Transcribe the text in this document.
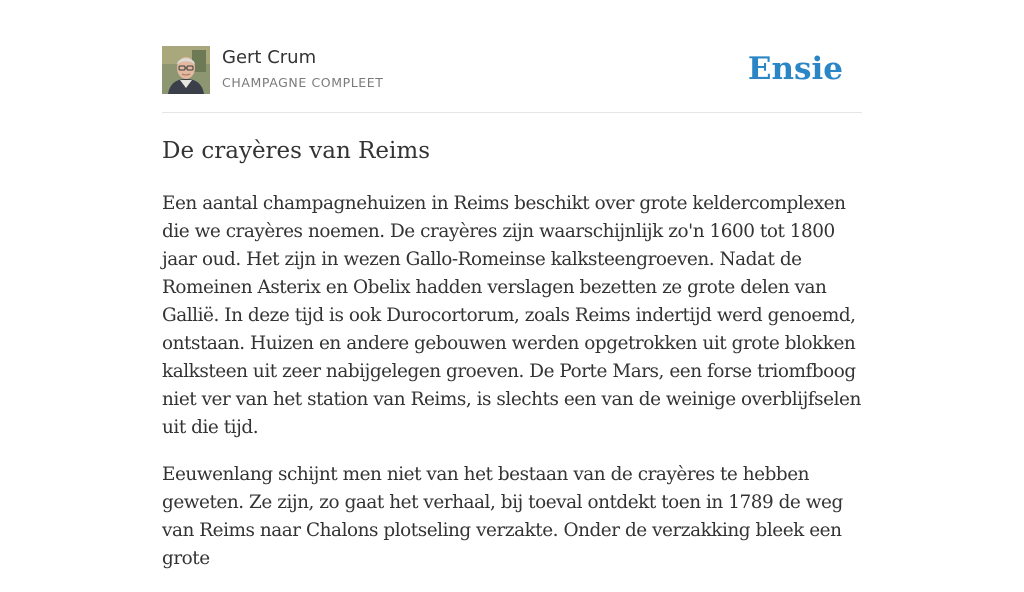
Gert Crum
CHAMPAGNE COMPLEET	Ensie
De crayères van Reims

Een aantal champagnehuizen in Reims beschikt over grote keldercomplexen die we crayères noemen. De crayères zijn waarschijnlijk zo'n 1600 tot 1800 jaar oud. Het zijn in wezen Gallo-Romeinse kalksteengroeven. Nadat de Romeinen Asterix en Obelix hadden verslagen bezetten ze grote delen van Gallië. In deze tijd is ook Durocortorum, zoals Reims indertijd werd genoemd, ontstaan. Huizen en andere gebouwen werden opgetrokken uit grote blokken kalksteen uit zeer nabijgelegen groeven. De Porte Mars, een forse triomfboog niet ver van het station van Reims, is slechts een van de weinige overblijfselen uit die tijd.

Eeuwenlang schijnt men niet van het bestaan van de crayères te hebben geweten. Ze zijn, zo gaat het verhaal, bij toeval ontdekt toen in 1789 de weg van Reims naar Chalons plotseling verzakte. Onder de verzakking bleek een grote
